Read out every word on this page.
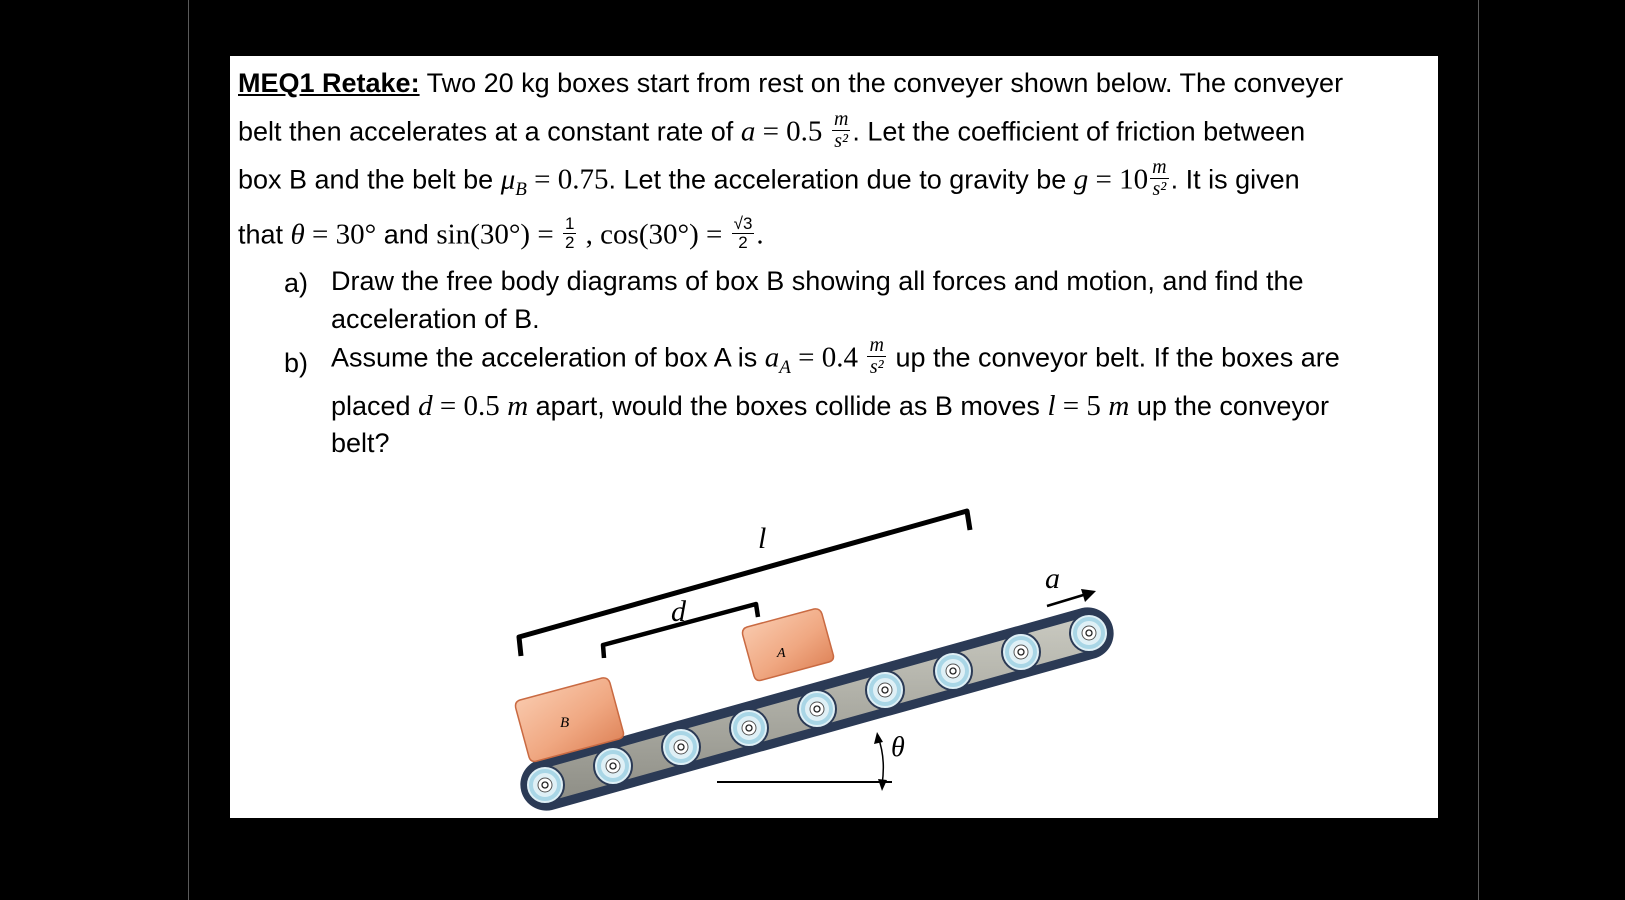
MEQ1 Retake: Two 20 kg boxes start from rest on the conveyer shown below. The conveyer
belt then accelerates at a constant rate of $a = 0.5 \frac{m}{\text{s²}}$ . Let the coefficient of friction between
box B and the belt be $\mu_B = 0.75$. Let the acceleration due to gravity be $g = 10 \frac{m}{\text{s²}}$ . It is given
that θ = 30° and $\sin(30^\circ) = \frac{1}{2}$ , $\cos(30^\circ) = \frac{√3}{2}$ .
a) Draw the free body diagrams of box B showing all forces and motion, and find the
acceleration of B.
b) Assume the acceleration of box A is $a_A = 0.4 \frac{m}{\text{s²}}$ up the conveyor belt. If the boxes are
placed d = 0.5 m apart, would the boxes collide as B moves l = 5 m up the conveyor
belt?
l
d
a
B
A
θ
